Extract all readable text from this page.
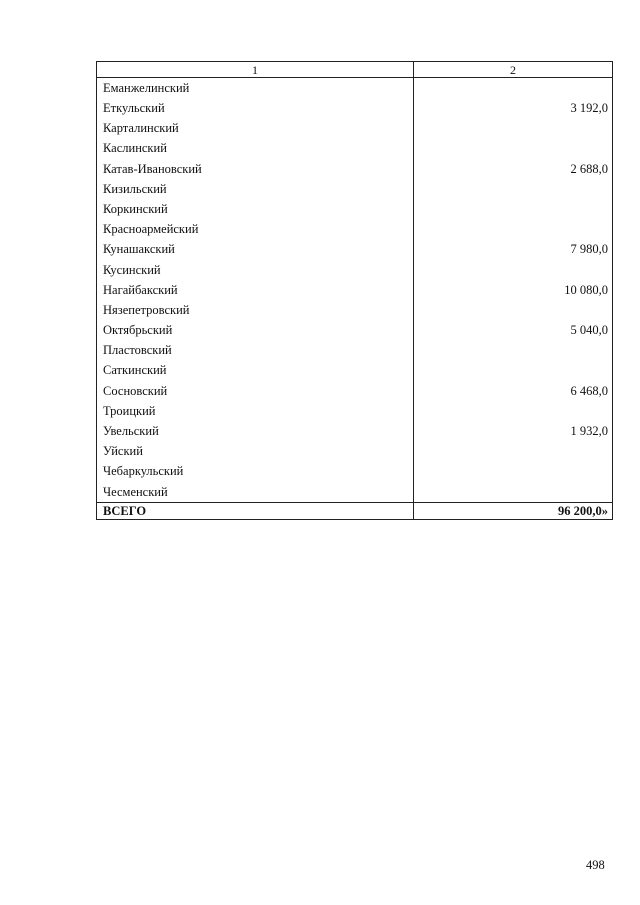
1	2
Еманжелинский	
Еткульский	3 192,0
Карталинский	
Каслинский	
Катав-Ивановский	2 688,0
Кизильский	
Коркинский	
Красноармейский	
Кунашакский	7 980,0
Кусинский	
Нагайбакский	10 080,0
Нязепетровский	
Октябрьский	5 040,0
Пластовский	
Саткинский	
Сосновский	6 468,0
Троицкий	
Увельский	1 932,0
Уйский	
Чебаркульский	
Чесменский	
ВСЕГО	96 200,0»
498
